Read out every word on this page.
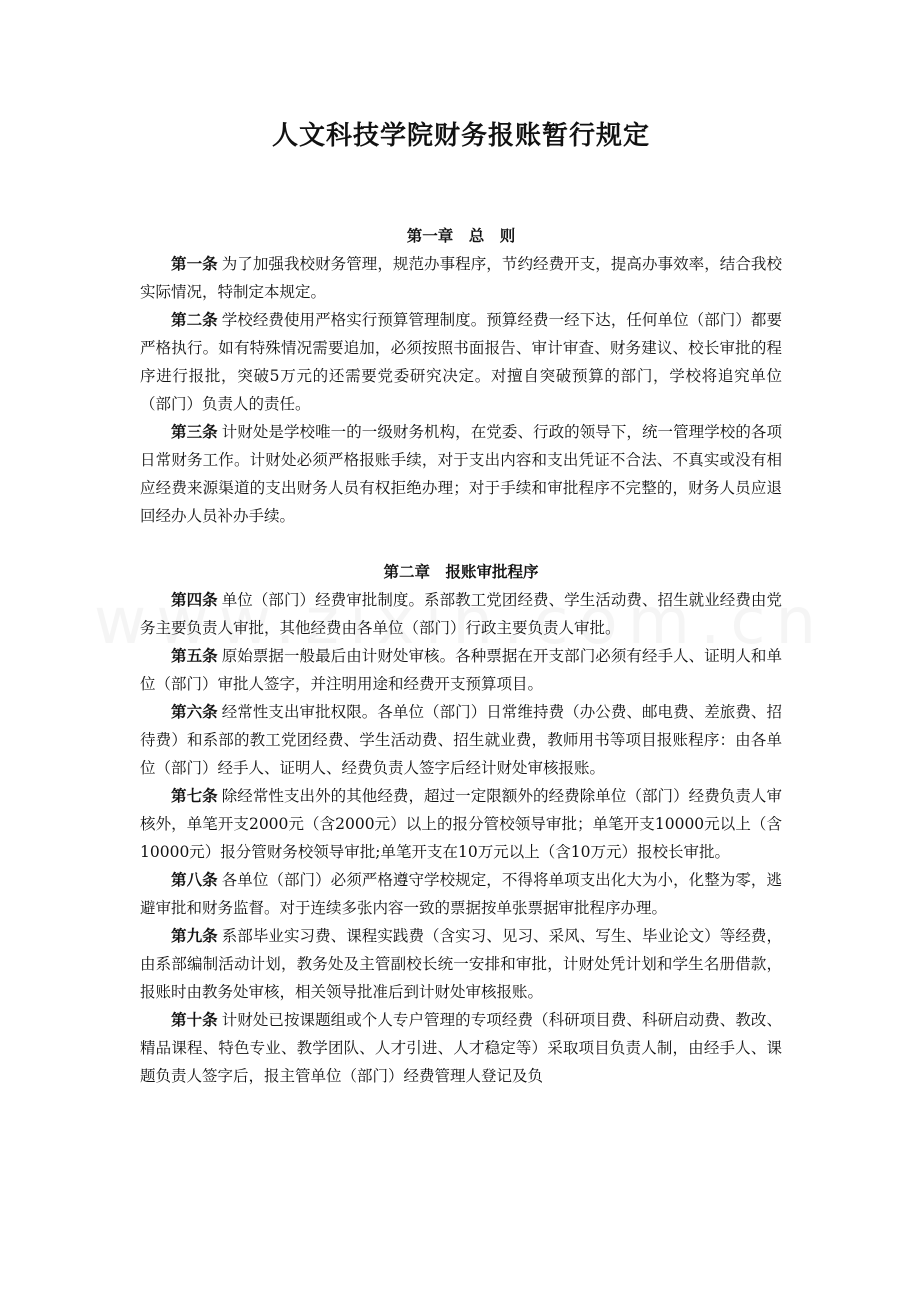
人文科技学院财务报账暂行规定

第一章　总　则

第一条 为了加强我校财务管理，规范办事程序，节约经费开支，提高办事效率，结合我校实际情况，特制定本规定。

第二条 学校经费使用严格实行预算管理制度。预算经费一经下达，任何单位（部门）都要严格执行。如有特殊情况需要追加，必须按照书面报告、审计审查、财务建议、校长审批的程序进行报批，突破5万元的还需要党委研究决定。对擅自突破预算的部门，学校将追究单位（部门）负责人的责任。

第三条 计财处是学校唯一的一级财务机构，在党委、行政的领导下，统一管理学校的各项日常财务工作。计财处必须严格报账手续，对于支出内容和支出凭证不合法、不真实或没有相应经费来源渠道的支出财务人员有权拒绝办理；对于手续和审批程序不完整的，财务人员应退回经办人员补办手续。

第二章　报账审批程序

第四条 单位（部门）经费审批制度。系部教工党团经费、学生活动费、招生就业经费由党务主要负责人审批，其他经费由各单位（部门）行政主要负责人审批。

第五条 原始票据一般最后由计财处审核。各种票据在开支部门必须有经手人、证明人和单位（部门）审批人签字，并注明用途和经费开支预算项目。

第六条 经常性支出审批权限。各单位（部门）日常维持费（办公费、邮电费、差旅费、招待费）和系部的教工党团经费、学生活动费、招生就业费，教师用书等项目报账程序：由各单位（部门）经手人、证明人、经费负责人签字后经计财处审核报账。

第七条 除经常性支出外的其他经费，超过一定限额外的经费除单位（部门）经费负责人审核外，单笔开支2000元（含2000元）以上的报分管校领导审批；单笔开支10000元以上（含10000元）报分管财务校领导审批;单笔开支在10万元以上（含10万元）报校长审批。

第八条 各单位（部门）必须严格遵守学校规定，不得将单项支出化大为小，化整为零，逃避审批和财务监督。对于连续多张内容一致的票据按单张票据审批程序办理。

第九条 系部毕业实习费、课程实践费（含实习、见习、采风、写生、毕业论文）等经费，由系部编制活动计划，教务处及主管副校长统一安排和审批，计财处凭计划和学生名册借款，报账时由教务处审核，相关领导批准后到计财处审核报账。

第十条 计财处已按课题组或个人专户管理的专项经费（科研项目费、科研启动费、教改、精品课程、特色专业、教学团队、人才引进、人才稳定等）采取项目负责人制，由经手人、课题负责人签字后，报主管单位（部门）经费管理人登记及负
